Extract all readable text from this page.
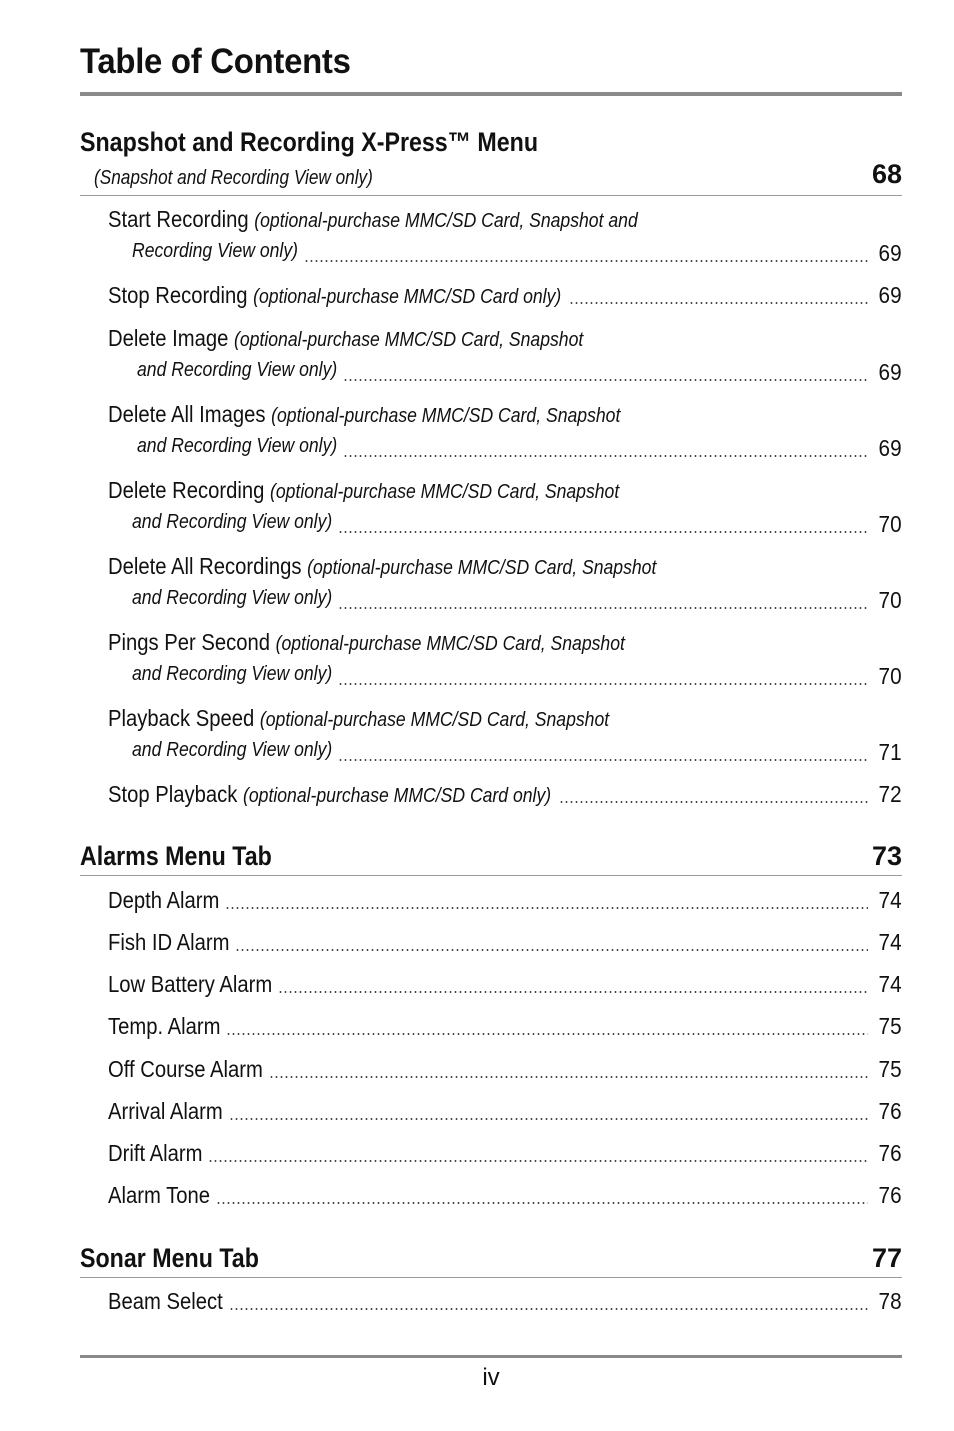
Table of Contents
Snapshot and Recording X-Press™ Menu
(Snapshot and Recording View only)	68
Start Recording (optional-purchase MMC/SD Card, Snapshot and
Recording View only)	69
Stop Recording (optional-purchase MMC/SD Card only)	69
Delete Image (optional-purchase MMC/SD Card, Snapshot
and Recording View only)	69
Delete All Images (optional-purchase MMC/SD Card, Snapshot
and Recording View only)	69
Delete Recording (optional-purchase MMC/SD Card, Snapshot
and Recording View only)	70
Delete All Recordings (optional-purchase MMC/SD Card, Snapshot
and Recording View only)	70
Pings Per Second (optional-purchase MMC/SD Card, Snapshot
and Recording View only)	70
Playback Speed (optional-purchase MMC/SD Card, Snapshot
and Recording View only)	71
Stop Playback (optional-purchase MMC/SD Card only)	72
Alarms Menu Tab	73
Depth Alarm	74
Fish ID Alarm	74
Low Battery Alarm	74
Temp. Alarm	75
Off Course Alarm	75
Arrival Alarm	76
Drift Alarm	76
Alarm Tone	76
Sonar Menu Tab	77
Beam Select	78
iv
